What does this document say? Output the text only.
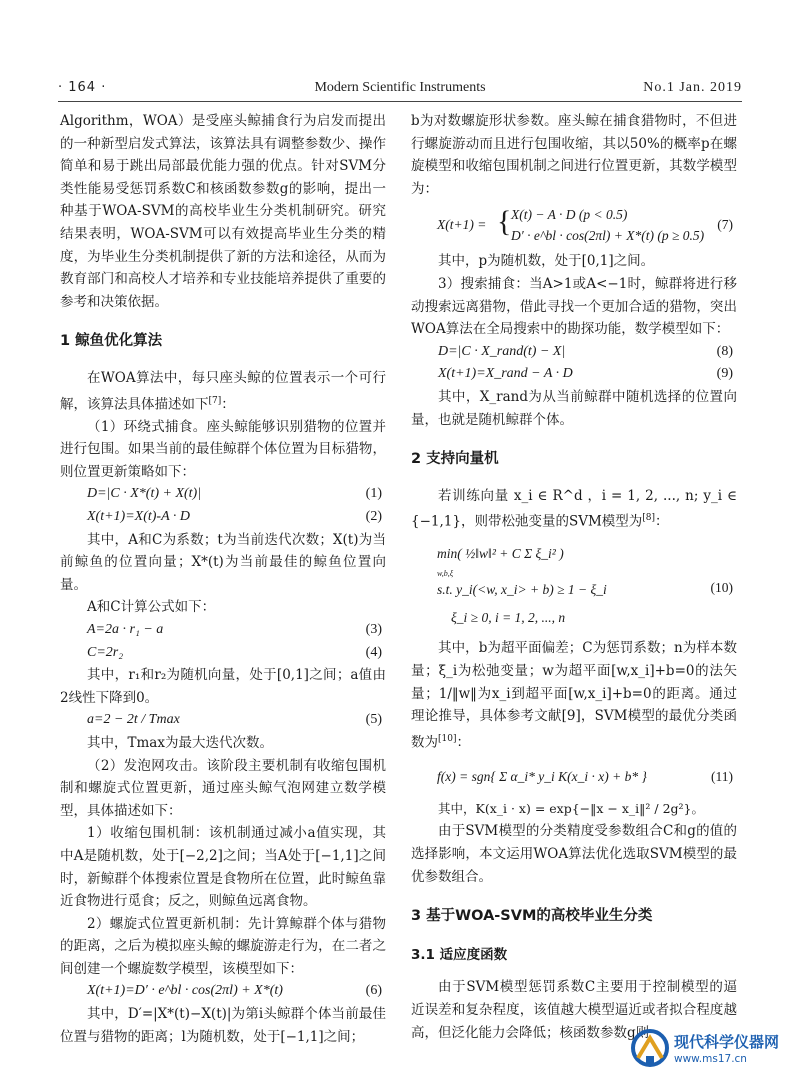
· 164 ·	Modern Scientific Instruments	No.1 Jan. 2019
Algorithm，WOA）是受座头鲸捕食行为启发而提出的一种新型启发式算法，该算法具有调整参数少、操作简单和易于跳出局部最优能力强的优点。针对SVM分类性能易受惩罚系数C和核函数参数g的影响，提出一种基于WOA-SVM的高校毕业生分类机制研究。研究结果表明，WOA-SVM可以有效提高毕业生分类的精度，为毕业生分类机制提供了新的方法和途径，从而为教育部门和高校人才培养和专业技能培养提供了重要的参考和决策依据。
1 鲸鱼优化算法
在WOA算法中，每只座头鲸的位置表示一个可行解，该算法具体描述如下[7]：
（1）环绕式捕食。座头鲸能够识别猎物的位置并进行包围。如果当前的最佳鲸群个体位置为目标猎物，则位置更新策略如下：
D=|C · X*(t) + X(t)|	(1)
X(t+1)=X(t)-A · D	(2)
其中，A和C为系数；t为当前迭代次数；X(t)为当前鲸鱼的位置向量；X*(t)为当前最佳的鲸鱼位置向量。
A和C计算公式如下：
A=2a · r₁ − a	(3)
C=2r₂	(4)
其中，r₁和r₂为随机向量，处于[0,1]之间；a值由2线性下降到0。
a=2 − 2t / Tmax	(5)
其中，Tmax为最大迭代次数。
（2）发泡网攻击。该阶段主要机制有收缩包围机制和螺旋式位置更新，通过座头鲸气泡网建立数学模型，具体描述如下：
1）收缩包围机制：该机制通过减小a值实现，其中A是随机数，处于[−2,2]之间；当A处于[−1,1]之间时，新鲸群个体搜索位置是食物所在位置，此时鲸鱼靠近食物进行觅食；反之，则鲸鱼远离食物。
2）螺旋式位置更新机制：先计算鲸群个体与猎物的距离，之后为模拟座头鲸的螺旋游走行为，在二者之间创建一个螺旋数学模型，该模型如下：
X(t+1)=D′ · e^bl · cos(2πl) + X*(t)	(6)
其中，D′=|X*(t)−X(t)|为第i头鲸群个体当前最佳位置与猎物的距离；l为随机数，处于[−1,1]之间；
b为对数螺旋形状参数。座头鲸在捕食猎物时，不但进行螺旋游动而且进行包围收缩，其以50%的概率p在螺旋模型和收缩包围机制之间进行位置更新，其数学模型为：
X(t+1) = { X(t) − A · D (p < 0.5)
D′ · e^bl · cos(2πl) + X*(t) (p ≥ 0.5)
(7)
其中，p为随机数，处于[0,1]之间。
3）搜索捕食：当A>1或A<−1时，鲸群将进行移动搜索远离猎物，借此寻找一个更加合适的猎物，突出WOA算法在全局搜索中的勘探功能，数学模型如下：
D=|C · X_rand(t) − X|	(8)
X(t+1)=X_rand − A · D	(9)
其中，X_rand为从当前鲸群中随机选择的位置向量，也就是随机鲸群个体。
2 支持向量机
若训练向量 x_i ∈ R^d ，i = 1, 2, ..., n; y_i ∈ {−1,1}，则带松弛变量的SVM模型为[8]：
min( ½‖w‖² + C Σ ξ_i² )
w,b,ξ
s.t. y_i(<w, x_i> + b) ≥ 1 − ξ_i
ξ_i ≥ 0, i = 1, 2, ..., n
(10)
其中，b为超平面偏差；C为惩罚系数；n为样本数量；ξ_i为松弛变量；w为超平面[w,x_i]+b=0的法矢量；1/‖w‖为x_i到超平面[w,x_i]+b=0的距离。通过理论推导，具体参考文献[9]，SVM模型的最优分类函数为[10]：
f(x) = sgn{ Σ α_i* y_i K(x_i · x) + b* }	(11)
其中，K(x_i · x) = exp{−‖x − x_i‖² / 2g²}。
由于SVM模型的分类精度受参数组合C和g的值的选择影响，本文运用WOA算法优化选取SVM模型的最优参数组合。
3 基于WOA-SVM的高校毕业生分类
3.1 适应度函数
由于SVM模型惩罚系数C主要用于控制模型的逼近误差和复杂程度，该值越大模型逼近或者拟合程度越高，但泛化能力会降低；核函数参数g则
现代科学仪器网
www.ms17.cn
